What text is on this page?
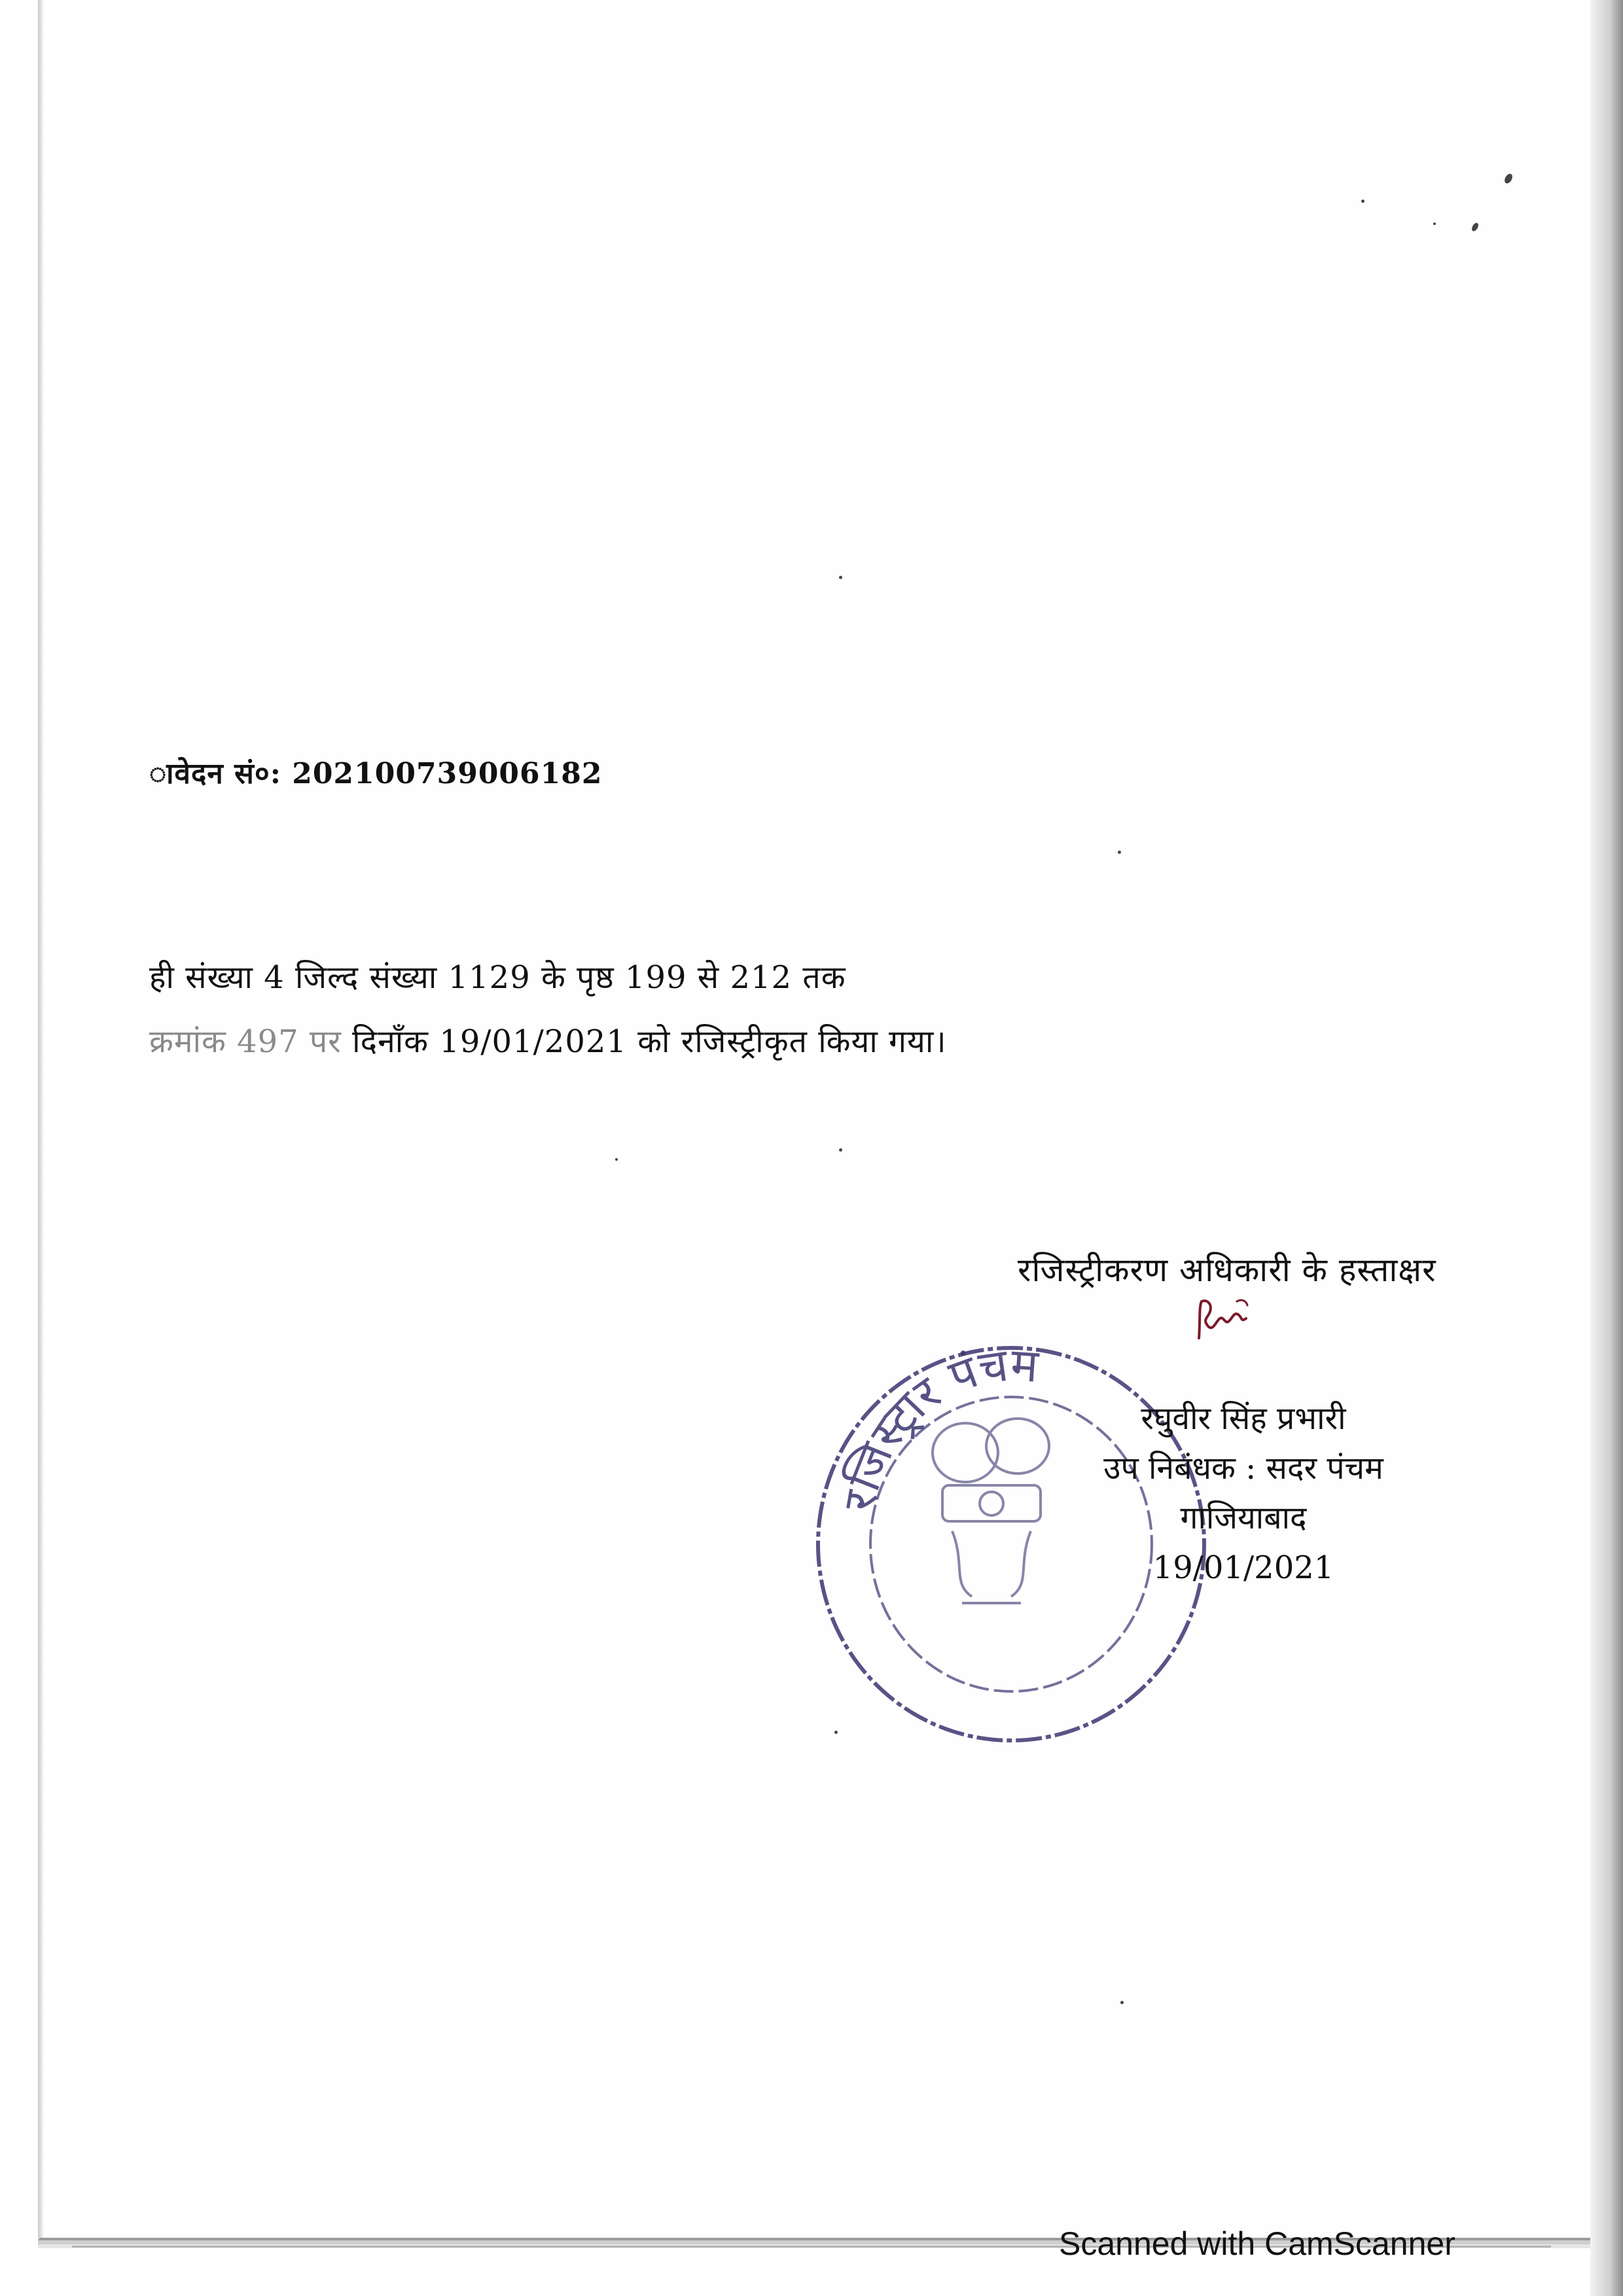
ावेदन सं०: 202100739006182
ही संख्या 4 जिल्द संख्या 1129 के पृष्ठ 199 से 212 तक
क्रमांक 497 पर दिनाँक 19/01/2021 को रजिस्ट्रीकृत किया गया।
रजिस्ट्रीकरण अधिकारी के हस्ताक्षर
रजिस्ट्रार पंचम
रघुवीर सिंह प्रभारी
उप निबंधक : सदर पंचम
गाजियाबाद
19/01/2021
Scanned with CamScanner
